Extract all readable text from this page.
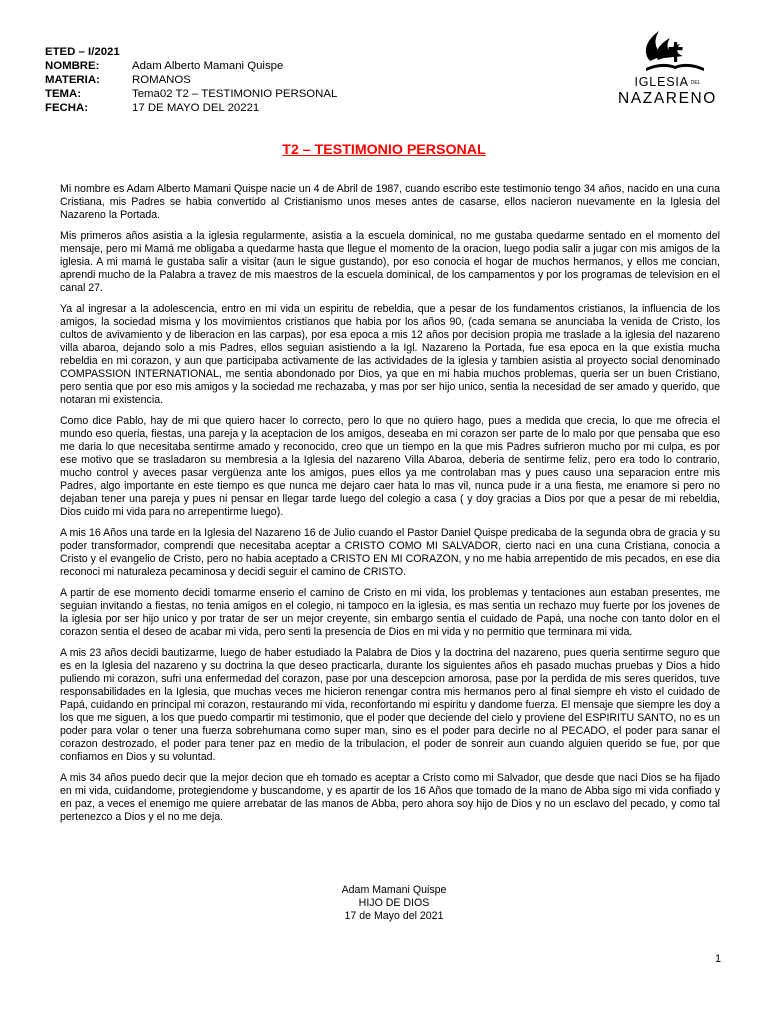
ETED – I/2021
NOMBRE:	Adam Alberto Mamani Quispe
MATERIA:	ROMANOS
TEMA:	Tema02 T2 – TESTIMONIO PERSONAL
FECHA:	17 DE MAYO DEL 20221
IGLESIA DEL
NAZARENO
T2 – TESTIMONIO PERSONAL

Mi nombre es Adam Alberto Mamani Quispe nacie un 4 de Abril de 1987, cuando escribo este testimonio tengo 34 años, nacido en una cuna Cristiana, mis Padres se habia convertido al Cristianismo unos meses antes de casarse, ellos nacieron nuevamente en la Iglesia del Nazareno la Portada.

Mis primeros años asistia a la iglesia regularmente, asistia a la escuela dominical, no me gustaba quedarme sentado en el momento del mensaje, pero mi Mamá me obligaba a quedarme hasta que llegue el momento de la oracion, luego podia salir a jugar con mis amigos de la iglesia. A mi mamá le gustaba salir a visitar (aun le sigue gustando), por eso conocia el hogar de muchos hermanos, y ellos me concian, aprendi mucho de la Palabra a travez de mis maestros de la escuela dominical, de los campamentos y por los programas de television en el canal 27.

Ya al ingresar a la adolescencia, entro en mi vida un espiritu de rebeldia, que a pesar de los fundamentos cristianos, la influencia de los amigos, la sociedad misma y los movimientos cristianos que habia por los años 90, (cada semana se anunciaba la venida de Cristo, los cultos de avivamiento y de liberacion en las carpas), por esa epoca a mis 12 años por decision propia me traslade a la iglesia del nazareno villa abaroa, dejando solo a mis Padres, ellos seguian asistiendo a la Igl. Nazareno la Portada, fue esa epoca en la que existia mucha rebeldia en mi corazon, y aun que participaba activamente de las actividades de la iglesia y tambien asistia al proyecto social denominado COMPASSION INTERNATIONAL, me sentia abondonado por Dios, ya que en mi habia muchos problemas, queria ser un buen Cristiano, pero sentia que por eso mis amigos y la sociedad me rechazaba, y mas por ser hijo unico, sentia la necesidad de ser amado y querido, que notaran mi existencia.

Como dice Pablo, hay de mi que quiero hacer lo correcto, pero lo que no quiero hago, pues a medida que crecia, lo que me ofrecia el mundo eso queria, fiestas, una pareja y la aceptacion de los amigos, deseaba en mi corazon ser parte de lo malo por que pensaba que eso me daria lo que necesitaba sentirme amado y reconocido, creo que un tiempo en la que mis Padres sufrieron mucho por mi culpa, es por ese motivo que se trasladaron su membresia a la Iglesia del nazareno Villa Abaroa, deberia de sentirme feliz, pero era todo lo contrario, mucho control y aveces pasar vergüenza ante los amigos, pues ellos ya me controlaban mas y pues causo una separacion entre mis Padres, algo importante en este tiempo es que nunca me dejaro caer hata lo mas vil, nunca pude ir a una fiesta, me enamore si pero no dejaban tener una pareja y pues ni pensar en llegar tarde luego del colegio a casa ( y doy gracias a Dios por que a pesar de mi rebeldia, Dios cuido mi vida para no arrepentirme luego).

A mis 16 Años una tarde en la Iglesia del Nazareno 16 de Julio cuando el Pastor Daniel Quispe predicaba de la segunda obra de gracia y su poder transformador, comprendi que necesitaba aceptar a CRISTO COMO MI SALVADOR, cierto naci en una cuna Cristiana, conocia a Cristo y el evangelio de Cristo, pero no habia aceptado a CRISTO EN MI CORAZON, y no me habia arrepentido de mis pecados, en ese dia reconoci mi naturaleza pecaminosa y decidi seguir el camino de CRISTO.

A partir de ese momento decidi tomarme enserio el camino de Cristo en mi vida, los problemas y tentaciones aun estaban presentes, me seguian invitando a fiestas, no tenia amigos en el colegio, ni tampoco en la iglesia, es mas sentia un rechazo muy fuerte por los jovenes de la iglesia por ser hijo unico y por tratar de ser un mejor creyente, sin embargo sentia el cuidado de Papá, una noche con tanto dolor en el corazon sentia el deseo de acabar mi vida, pero senti la presencia de Dios en mi vida y no permitio que terminara mi vida.

A mis 23 años decidi bautizarme, luego de haber estudiado la Palabra de Dios y la doctrina del nazareno, pues queria sentirme seguro que es en la Iglesia del nazareno y su doctrina la que deseo practicarla, durante los siguientes años eh pasado muchas pruebas y Dios a hido puliendo mi corazon, sufri una enfermedad del corazon, pase por una descepcion amorosa, pase por la perdida de mis seres queridos, tuve responsabilidades en la Iglesia, que muchas veces me hicieron renengar contra mis hermanos pero al final siempre eh visto el cuidado de Papá, cuidando en principal mi corazon, restaurando mi vida, reconfortando mi espiritu y dandome fuerza. El mensaje que siempre les doy a los que me siguen, a los que puedo compartir mi testimonio, que el poder que deciende del cielo y proviene del ESPIRITU SANTO, no es un poder para volar o tener una fuerza sobrehumana como super man, sino es el poder para decirle no al PECADO, el poder para sanar el corazon destrozado, el poder para tener paz en medio de la tribulacion, el poder de sonreir aun cuando alguien querido se fue, por que confiamos en Dios y su voluntad.

A mis 34 años puedo decir que la mejor decion que eh tomado es aceptar a Cristo como mi Salvador, que desde que naci Dios se ha fijado en mi vida, cuidandome, protegiendome y buscandome, y es apartir de los 16 Años que tomado de la mano de Abba sigo mi vida confiado y en paz, a veces el enemigo me quiere arrebatar de las manos de Abba, pero ahora soy hijo de Dios y no un esclavo del pecado, y como tal pertenezco a Dios y el no me deja.

Adam Mamani Quispe
HIJO DE DIOS
17 de Mayo del 2021
1
